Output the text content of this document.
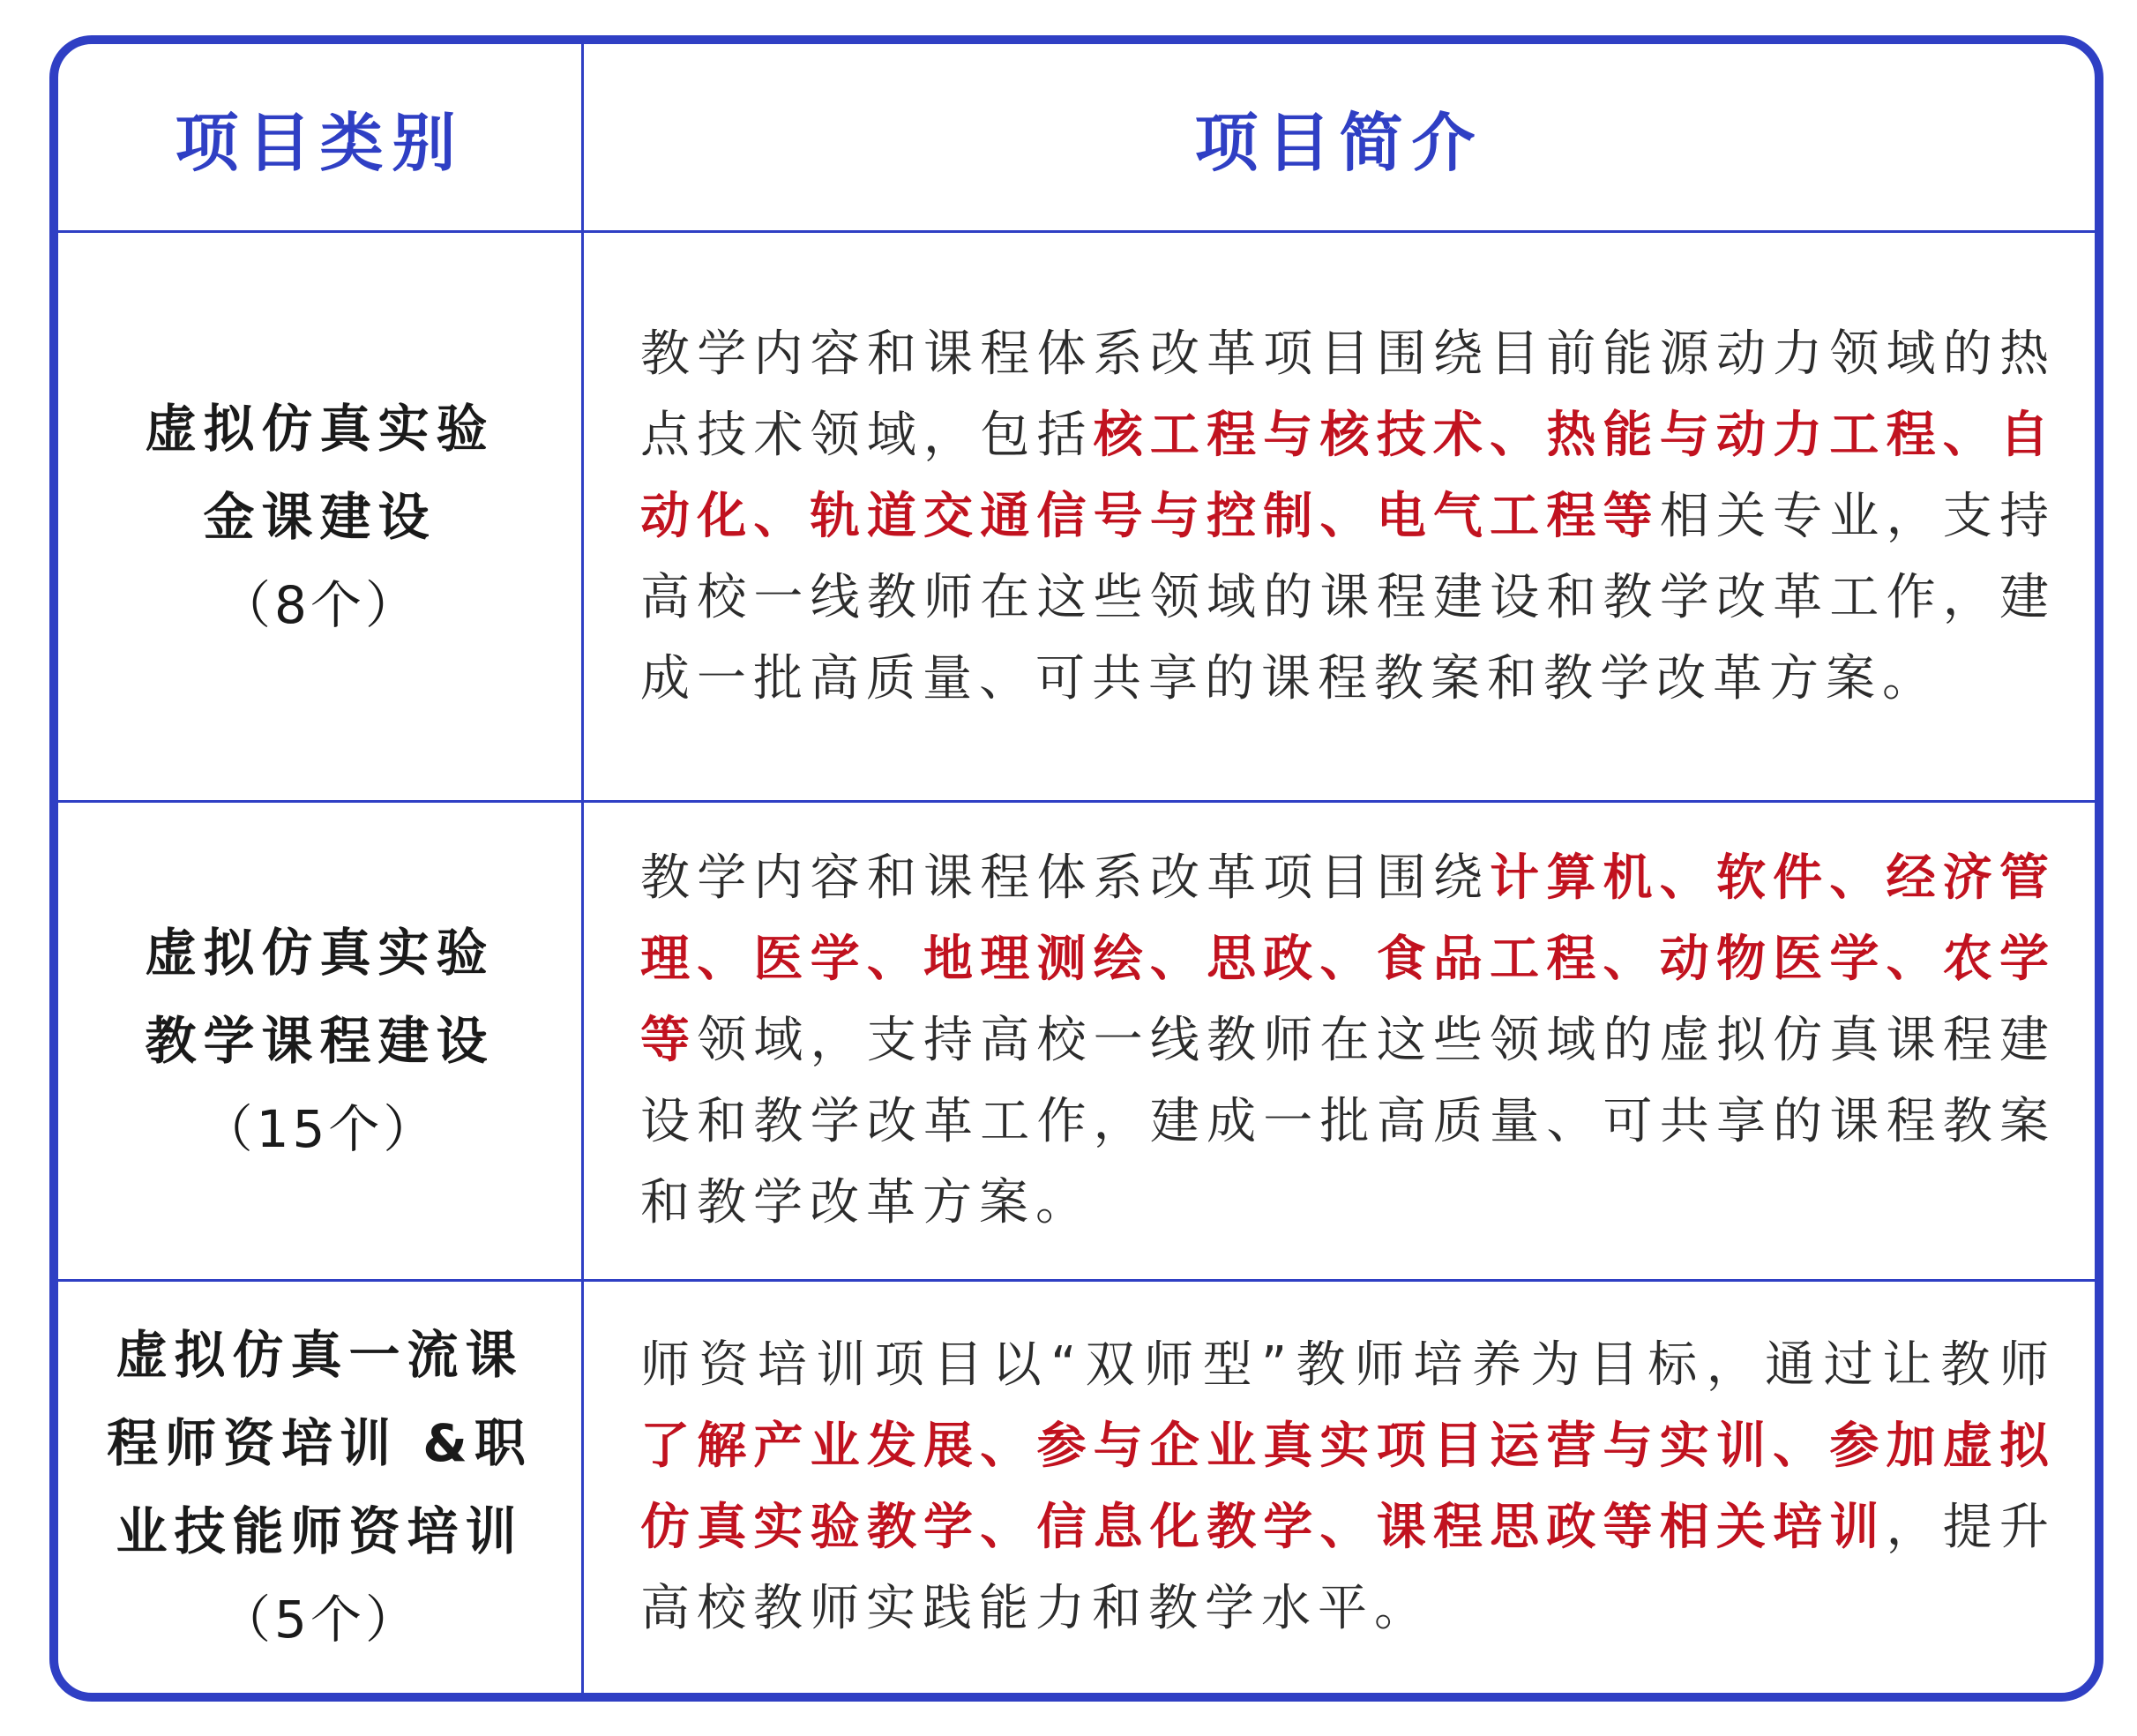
项目类别	项目简介
虚拟仿真实验
金课建设
（8个）

教学内容和课程体系改革项目围绕目前能源动力领域的热点技术领域，包括核工程与核技术、热能与动力工程、自动化、轨道交通信号与控制、电气工程等相关专业，支持高校一线教师在这些领域的课程建设和教学改革工作，建成一批高质量、可共享的课程教案和教学改革方案。

虚拟仿真实验
教学课程建设
（15个）

教学内容和课程体系改革项目围绕计算机、软件、经济管理、医学、地理测绘、思政、食品工程、动物医学、农学等领域，支持高校一线教师在这些领域的虚拟仿真课程建设和教学改革工作，建成一批高质量、可共享的课程教案和教学改革方案。

虚拟仿真一流课
程师资培训 &职
业技能师资培训
（5个）

师资培训项目以“双师型”教师培养为目标，通过让教师了解产业发展、参与企业真实项目运营与实训、参加虚拟仿真实验教学、信息化教学、课程思政等相关培训，提升高校教师实践能力和教学水平。
